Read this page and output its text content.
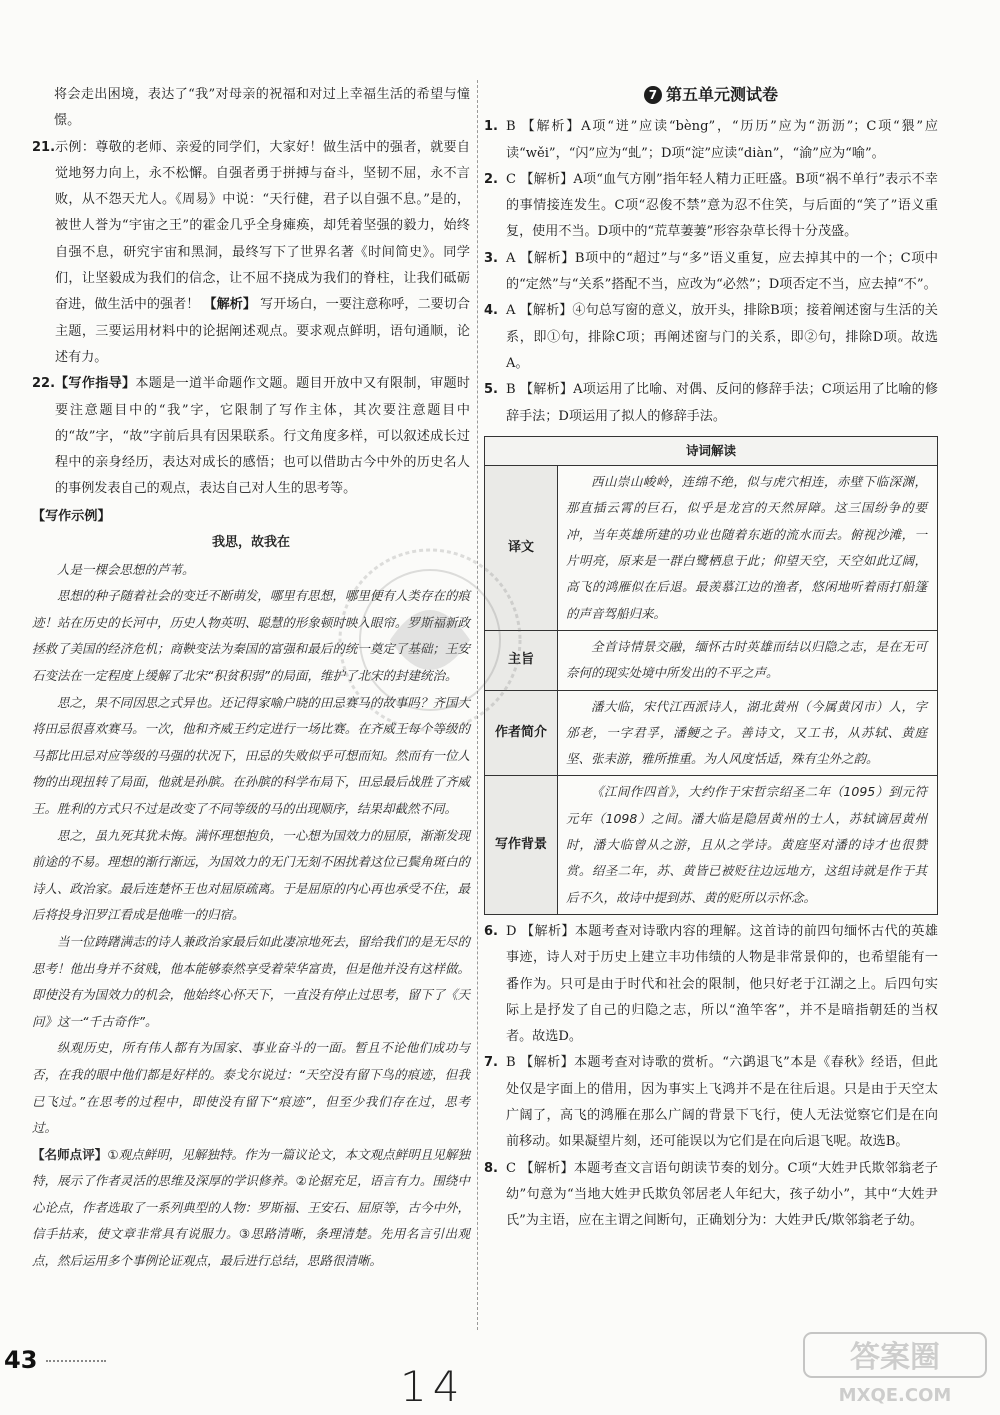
将会走出困境，表达了“我”对母亲的祝福和对过上幸福生活的希望与憧憬。

21. 示例：尊敬的老师、亲爱的同学们，大家好！做生活中的强者，就要自觉地努力向上，永不松懈。自强者勇于拼搏与奋斗，坚韧不屈，永不言败，从不怨天尤人。《周易》中说：“天行健，君子以自强不息。”是的，被世人誉为“宇宙之王”的霍金几乎全身瘫痪，却凭着坚强的毅力，始终自强不息，研究宇宙和黑洞，最终写下了世界名著《时间简史》。同学们，让坚毅成为我们的信念，让不屈不挠成为我们的脊柱，让我们砥砺奋进，做生活中的强者！ 【解析】 写开场白，一要注意称呼，二要切合主题，三要运用材料中的论据阐述观点。要求观点鲜明，语句通顺，论述有力。

22. 【写作指导】本题是一道半命题作文题。题目开放中又有限制，审题时要注意题目中的“我”字，它限制了写作主体，其次要注意题目中的“故”字，“故”字前后具有因果联系。行文角度多样，可以叙述成长过程中的亲身经历，表达对成长的感悟；也可以借助古今中外的历史名人的事例发表自己的观点，表达自己对人生的思考等。

【写作示例】

我思，故我在

人是一棵会思想的芦苇。

思想的种子随着社会的变迁不断萌发，哪里有思想，哪里便有人类存在的痕迹！站在历史的长河中，历史人物英明、聪慧的形象顿时映入眼帘。罗斯福新政拯救了美国的经济危机；商鞅变法为秦国的富强和最后的统一奠定了基础；王安石变法在一定程度上缓解了北宋“积贫积弱”的局面，维护了北宋的封建统治。

思之，果不同因思之式异也。还记得家喻户晓的田忌赛马的故事吗？齐国大将田忌很喜欢赛马。一次，他和齐威王约定进行一场比赛。在齐威王每个等级的马都比田忌对应等级的马强的状况下，田忌的失败似乎可想而知。然而有一位人物的出现扭转了局面，他就是孙膑。在孙膑的科学布局下，田忌最后战胜了齐威王。胜利的方式只不过是改变了不同等级的马的出现顺序，结果却截然不同。

思之，虽九死其犹未悔。满怀理想抱负，一心想为国效力的屈原，渐渐发现前途的不易。理想的渐行渐远，为国效力的无门无刻不困扰着这位已鬓角斑白的诗人、政治家。最后连楚怀王也对屈原疏离。于是屈原的内心再也承受不住，最后将投身汨罗江看成是他唯一的归宿。

当一位踌躇满志的诗人兼政治家最后如此凄凉地死去，留给我们的是无尽的思考！他出身并不贫贱，他本能够泰然享受着荣华富贵，但是他并没有这样做。即使没有为国效力的机会，他始终心怀天下，一直没有停止过思考，留下了《天问》这一“千古奇作”。

纵观历史，所有伟人都有为国家、事业奋斗的一面。暂且不论他们成功与否，在我的眼中他们都是好样的。泰戈尔说过：“天空没有留下鸟的痕迹，但我已飞过。”在思考的过程中，即使没有留下“痕迹”，但至少我们存在过，思考过。

【名师点评】①观点鲜明，见解独特。作为一篇议论文，本文观点鲜明且见解独特，展示了作者灵活的思维及深厚的学识修养。②论据充足，语言有力。围绕中心论点，作者选取了一系列典型的人物：罗斯福、王安石、屈原等，古今中外，信手拈来，使文章非常具有说服力。③思路清晰，条理清楚。先用名言引出观点，然后运用多个事例论证观点，最后进行总结，思路很清晰。

7 第五单元测试卷
1. B 【解析】A项“迸”应读“bèng”，“历历”应为“沥沥”；C项“猥”应读“wěi”，“闪”应为“虬”；D项“淀”应读“diàn”，“渝”应为“喻”。

2. C 【解析】A项“血气方刚”指年轻人精力正旺盛。B项“祸不单行”表示不幸的事情接连发生。C项“忍俊不禁”意为忍不住笑，与后面的“笑了”语义重复，使用不当。D项中的“荒草萋萋”形容杂草长得十分茂盛。

3. A 【解析】B项中的“超过”与“多”语义重复，应去掉其中的一个；C项中的“定然”与“关系”搭配不当，应改为“必然”；D项否定不当，应去掉“不”。

4. A 【解析】④句总写窗的意义，放开头，排除B项；接着阐述窗与生活的关系，即①句，排除C项；再阐述窗与门的关系，即②句，排除D项。故选A。

5. B 【解析】A项运用了比喻、对偶、反问的修辞手法；C项运用了比喻的修辞手法；D项运用了拟人的修辞手法。

诗词解读	
译文	西山崇山峻岭，连绵不绝，似与虎穴相连，赤壁下临深渊，那直插云霄的巨石，似乎是龙宫的天然屏障。这三国纷争的要冲，当年英雄所建的功业也随着东逝的流水而去。俯视沙滩，一片明亮，原来是一群白鹭栖息于此；仰望天空，天空如此辽阔，高飞的鸿雁似在后退。最羡慕江边的渔者，悠闲地听着雨打船篷的声音驾船归来。
主旨	全首诗情景交融，缅怀古时英雄而结以归隐之志，是在无可奈何的现实处境中所发出的不平之声。
作者简介	潘大临，宋代江西派诗人，湖北黄州（今属黄冈市）人，字邠老，一字君孚，潘鲠之子。善诗文，又工书，从苏轼、黄庭坚、张耒游，雅所推重。为人风度恬适，殊有尘外之韵。
写作背景	《江间作四首》，大约作于宋哲宗绍圣二年（1095）到元符元年（1098）之间。潘大临是隐居黄州的士人，苏轼谪居黄州时，潘大临曾从之游，且从之学诗。黄庭坚对潘的诗才也很赞赏。绍圣二年，苏、黄皆已被贬往边远地方，这组诗就是作于其后不久，故诗中提到苏、黄的贬所以示怀念。
6. D 【解析】本题考查对诗歌内容的理解。这首诗的前四句缅怀古代的英雄事迹，诗人对于历史上建立丰功伟绩的人物是非常景仰的，也希望能有一番作为。只可是由于时代和社会的限制，他只好老于江湖之上。后四句实际上是抒发了自己的归隐之志，所以“渔竿客”，并不是暗指朝廷的当权者。故选D。

7. B 【解析】本题考查对诗歌的赏析。“六鹢退飞”本是《春秋》经语，但此处仅是字面上的借用，因为事实上飞鸿并不是在往后退。只是由于天空太广阔了，高飞的鸿雁在那么广阔的背景下飞行，使人无法觉察它们是在向前移动。如果凝望片刻，还可能误以为它们是在向后退飞呢。故选B。

8. C 【解析】本题考查文言语句朗读节奏的划分。C项“大姓尹氏欺邻翁老子幼”句意为“当地大姓尹氏欺负邻居老人年纪大，孩子幼小”，其中“大姓尹氏”为主语，应在主谓之间断句，正确划分为：大姓尹氏/欺邻翁老子幼。

43
14
答案圈
MXQE.COM
